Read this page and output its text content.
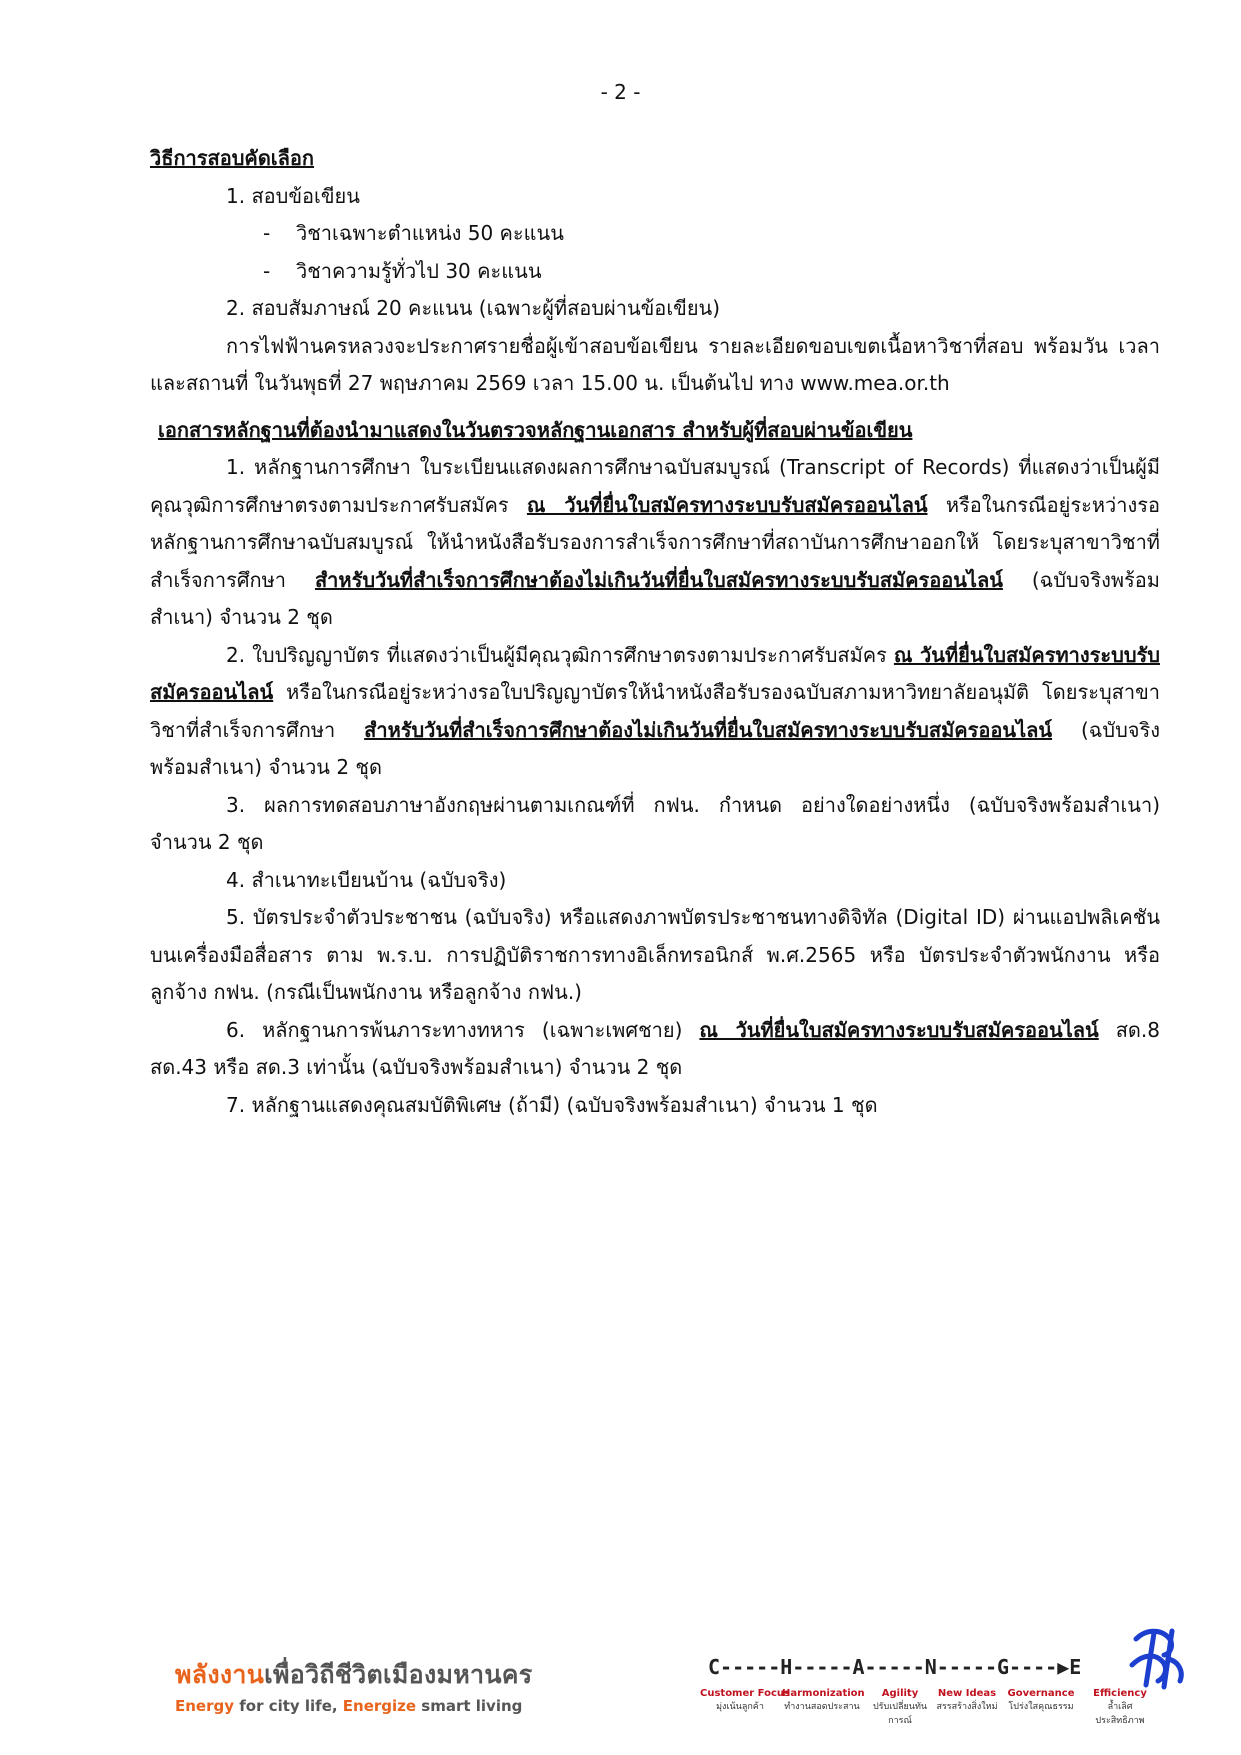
- 2 -
วิธีการสอบคัดเลือก
1. สอบข้อเขียน
- วิชาเฉพาะตำแหน่ง 50 คะแนน
- วิชาความรู้ทั่วไป 30 คะแนน
2. สอบสัมภาษณ์ 20 คะแนน (เฉพาะผู้ที่สอบผ่านข้อเขียน)
การไฟฟ้านครหลวงจะประกาศรายชื่อผู้เข้าสอบข้อเขียน รายละเอียดขอบเขตเนื้อหาวิชาที่สอบ พร้อมวัน เวลา และสถานที่ ในวันพุธที่ 27 พฤษภาคม 2569 เวลา 15.00 น. เป็นต้นไป ทาง www.mea.or.th
เอกสารหลักฐานที่ต้องนำมาแสดงในวันตรวจหลักฐานเอกสาร สำหรับผู้ที่สอบผ่านข้อเขียน
1. หลักฐานการศึกษา ใบระเบียนแสดงผลการศึกษาฉบับสมบูรณ์ (Transcript of Records) ที่แสดงว่าเป็นผู้มีคุณวุฒิการศึกษาตรงตามประกาศรับสมัคร ณ วันที่ยื่นใบสมัครทางระบบรับสมัครออนไลน์ หรือในกรณีอยู่ระหว่างรอหลักฐานการศึกษาฉบับสมบูรณ์ ให้นำหนังสือรับรองการสำเร็จการศึกษาที่สถาบันการศึกษาออกให้ โดยระบุสาขาวิชาที่สำเร็จการศึกษา สำหรับวันที่สำเร็จการศึกษาต้องไม่เกินวันที่ยื่นใบสมัครทางระบบรับสมัครออนไลน์ (ฉบับจริงพร้อมสำเนา) จำนวน 2 ชุด
2. ใบปริญญาบัตร ที่แสดงว่าเป็นผู้มีคุณวุฒิการศึกษาตรงตามประกาศรับสมัคร ณ วันที่ยื่นใบสมัครทางระบบรับสมัครออนไลน์ หรือในกรณีอยู่ระหว่างรอใบปริญญาบัตรให้นำหนังสือรับรองฉบับสภามหาวิทยาลัยอนุมัติ โดยระบุสาขาวิชาที่สำเร็จการศึกษา สำหรับวันที่สำเร็จการศึกษาต้องไม่เกินวันที่ยื่นใบสมัครทางระบบรับสมัครออนไลน์ (ฉบับจริงพร้อมสำเนา) จำนวน 2 ชุด
3. ผลการทดสอบภาษาอังกฤษผ่านตามเกณฑ์ที่ กฟน. กำหนด อย่างใดอย่างหนึ่ง (ฉบับจริงพร้อมสำเนา) จำนวน 2 ชุด
4. สำเนาทะเบียนบ้าน (ฉบับจริง)
5. บัตรประจำตัวประชาชน (ฉบับจริง) หรือแสดงภาพบัตรประชาชนทางดิจิทัล (Digital ID) ผ่านแอปพลิเคชันบนเครื่องมือสื่อสาร ตาม พ.ร.บ. การปฏิบัติราชการทางอิเล็กทรอนิกส์ พ.ศ.2565 หรือ บัตรประจำตัวพนักงาน หรือลูกจ้าง กฟน. (กรณีเป็นพนักงาน หรือลูกจ้าง กฟน.)
6. หลักฐานการพ้นภาระทางทหาร (เฉพาะเพศชาย) ณ วันที่ยื่นใบสมัครทางระบบรับสมัครออนไลน์ สด.8 สด.43 หรือ สด.3 เท่านั้น (ฉบับจริงพร้อมสำเนา) จำนวน 2 ชุด
7. หลักฐานแสดงคุณสมบัติพิเศษ (ถ้ามี) (ฉบับจริงพร้อมสำเนา) จำนวน 1 ชุด
พลังงานเพื่อวิถีชีวิตเมืองมหานคร
Energy for city life, Energize smart living
C-----H-----A-----N-----G----▶E
Customer Focus
มุ่งเน้นลูกค้า
Harmonization
ทำงานสอดประสาน
Agility
ปรับเปลี่ยนทันการณ์
New Ideas
สรรสร้างสิ่งใหม่
Governance
โปร่งใสคุณธรรม
Efficiency
ล้ำเลิศประสิทธิภาพ
